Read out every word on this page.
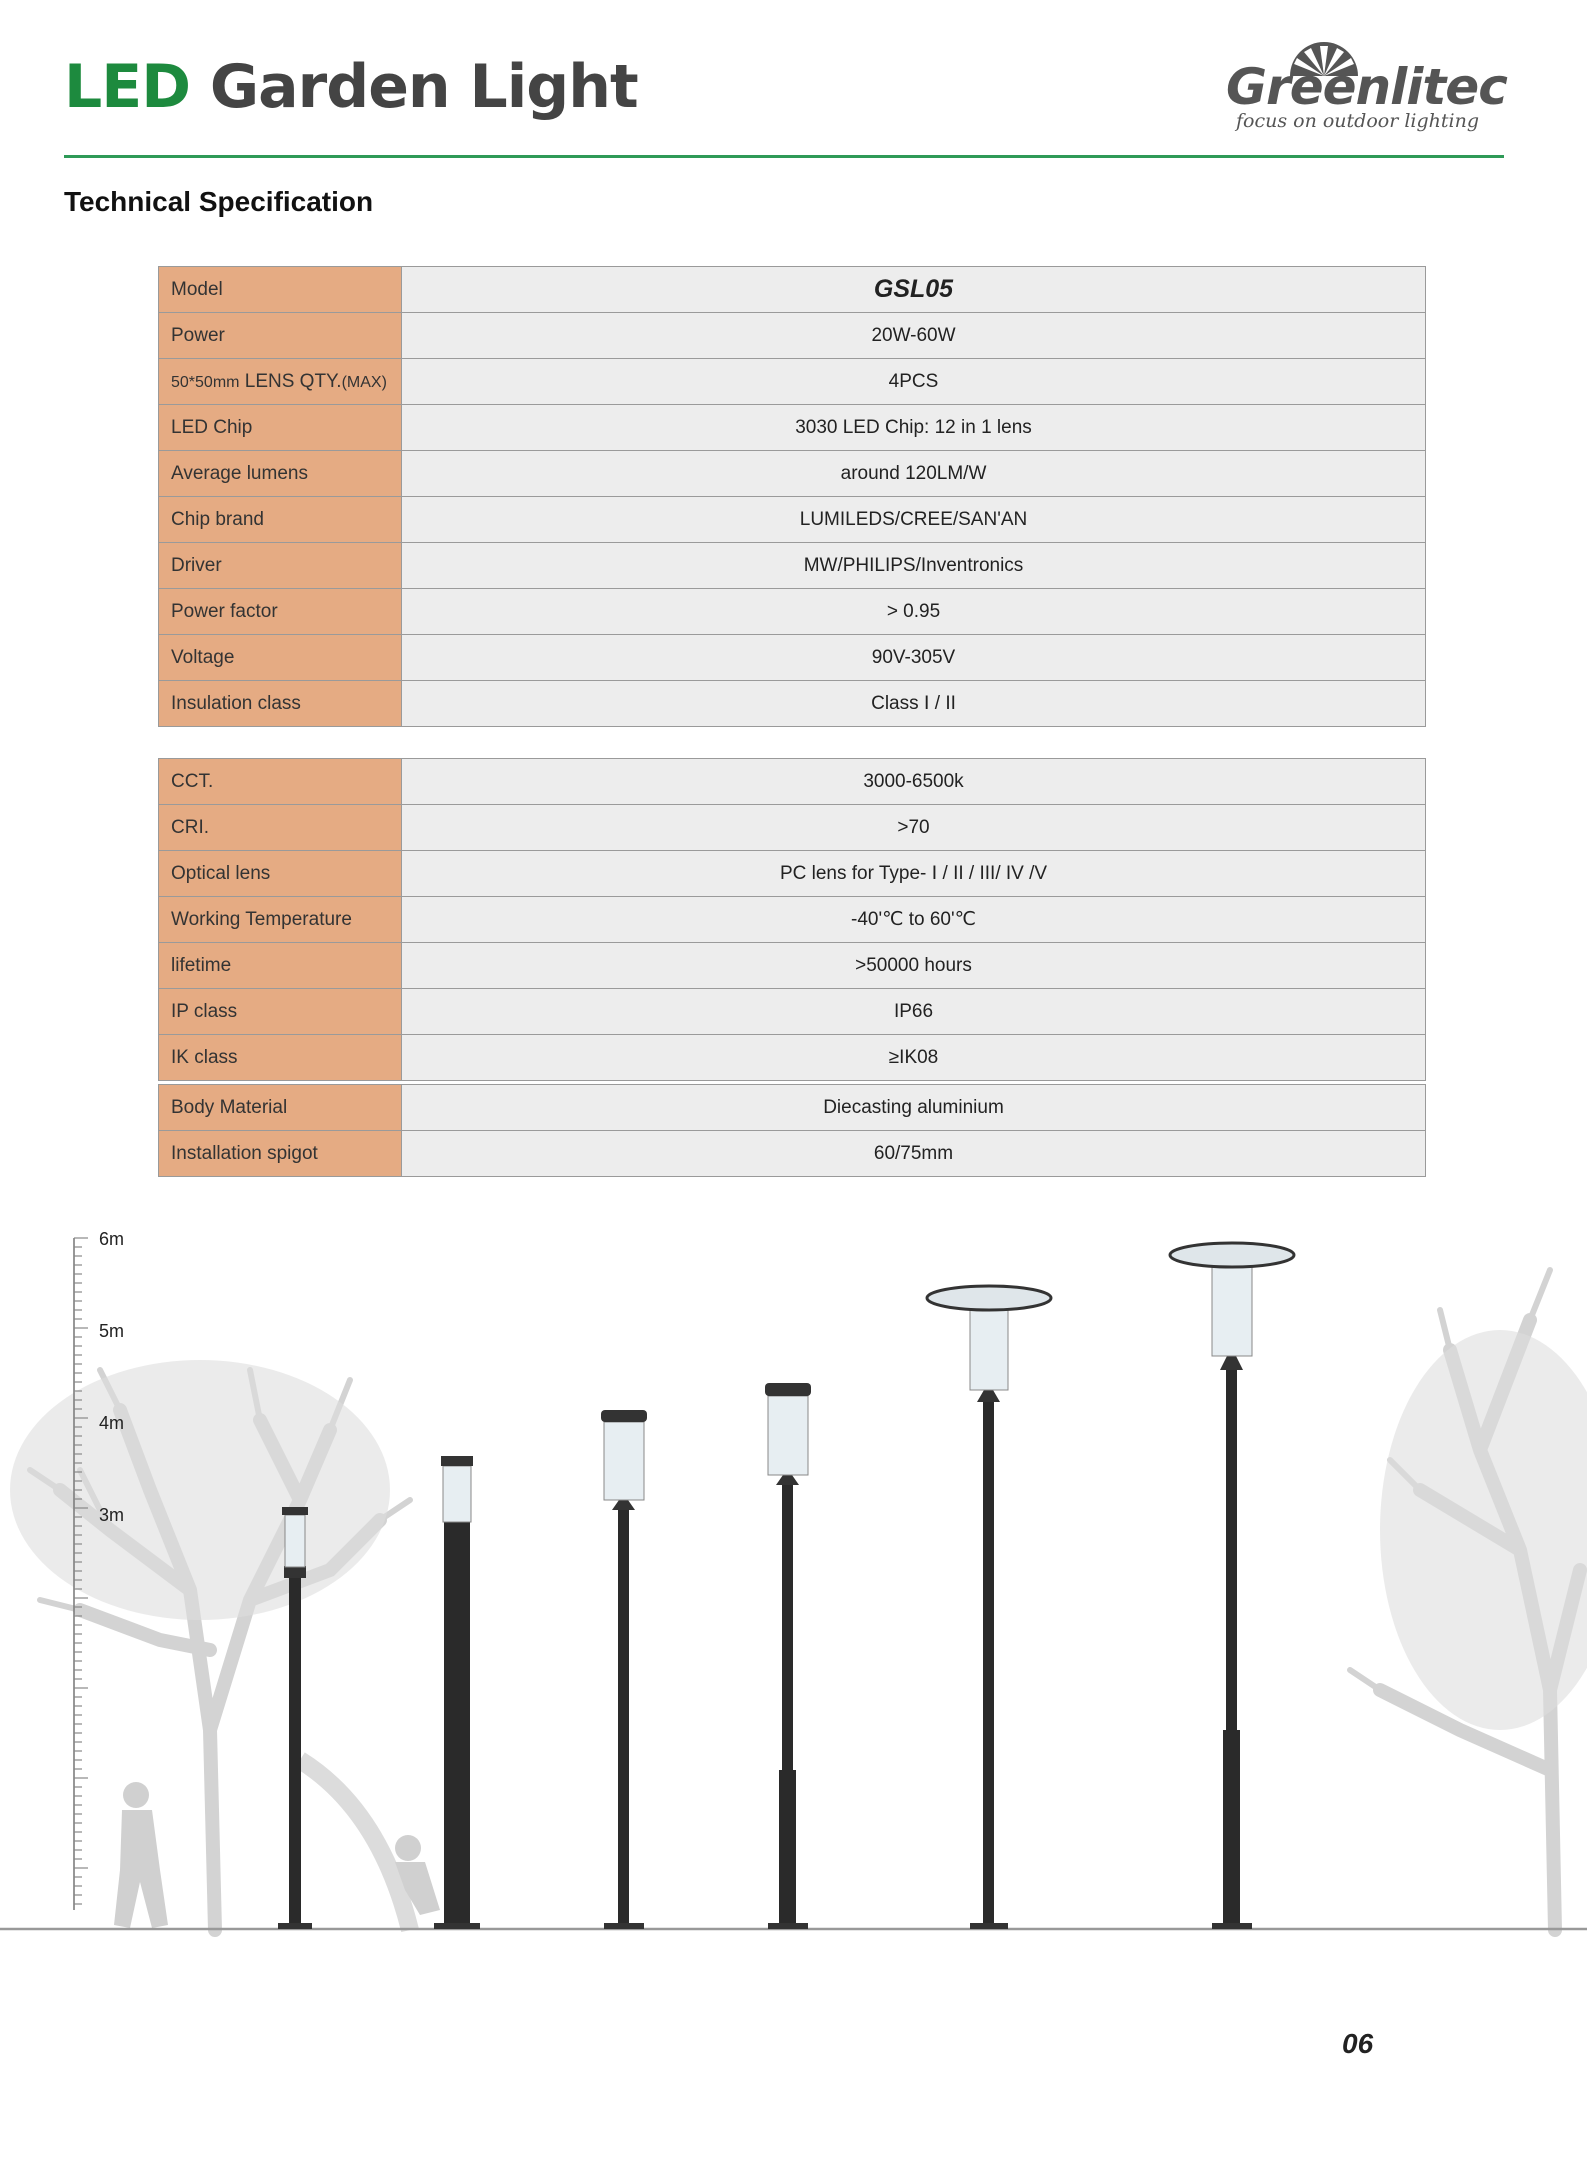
LED Garden Light	Greenlitec
focus on outdoor lighting
Technical Specification
Model	GSL05
Power	20W-60W
50*50mm LENS QTY.(MAX)	4PCS
LED Chip	3030 LED Chip: 12 in 1 lens
Average lumens	around 120LM/W
Chip brand	LUMILEDS/CREE/SAN'AN
Driver	MW/PHILIPS/Inventronics
Power factor	> 0.95
Voltage	90V-305V
Insulation class	Class Ⅰ / II
CCT.	3000-6500k
CRI.	>70
Optical lens	PC lens for Type- Ⅰ / II / III/ IV /V
Working Temperature	-40'℃ to 60'℃
lifetime	>50000 hours
IP class	IP66
IK class	≥IK08
Body Material	Diecasting aluminium
Installation spigot	60/75mm
6m
5m
4m
3m
06
